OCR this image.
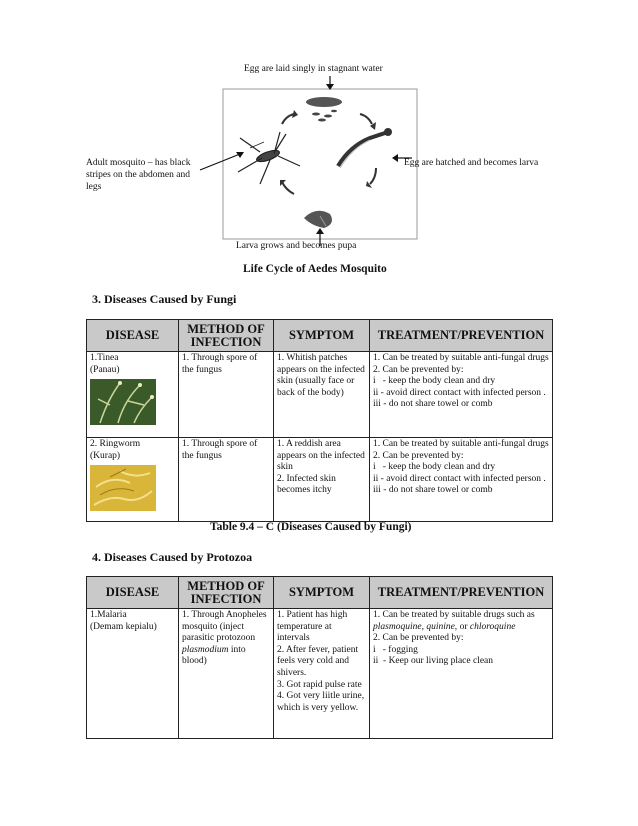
Egg are laid singly in stagnant water
Adult mosquito – has black stripes on the abdomen and legs
Egg are hatched and becomes larva
Larva grows and becomes pupa
Life Cycle of Aedes Mosquito
3. Diseases Caused by Fungi
DISEASE	METHOD OF INFECTION	SYMPTOM	TREATMENT/PREVENTION

1.Tinea
(Panau)	1. Through spore of the fungus	1. Whitish patches appears on the infected skin (usually face or back of the body)	1. Can be treated by suitable anti-fungal drugs
2. Can be prevented by:
i   - keep the body clean and dry
ii - avoid direct contact with infected person .
iii - do not share towel or comb

2. Ringworm
(Kurap)	1. Through spore of the fungus	1. A reddish area appears on the infected skin
2. Infected skin becomes itchy	1. Can be treated by suitable anti-fungal drugs
2. Can be prevented by:
i   - keep the body clean and dry
ii - avoid direct contact with infected person .
iii - do not share towel or comb
Table 9.4 – C (Diseases Caused by Fungi)
4. Diseases Caused by Protozoa
DISEASE	METHOD OF INFECTION	SYMPTOM	TREATMENT/PREVENTION

1.Malaria
(Demam kepialu)	1. Through Anopheles mosquito (inject parasitic protozoon plasmodium into blood)	1. Patient has high temperature at intervals
2. After fever, patient feels very cold and shivers.
3. Got rapid pulse rate
4. Got very liitle urine, which is very yellow.	1. Can be treated by suitable drugs such as plasmoquine, quinine, or chloroquine
2. Can be prevented by:
i   - fogging
ii  - Keep our living place clean
